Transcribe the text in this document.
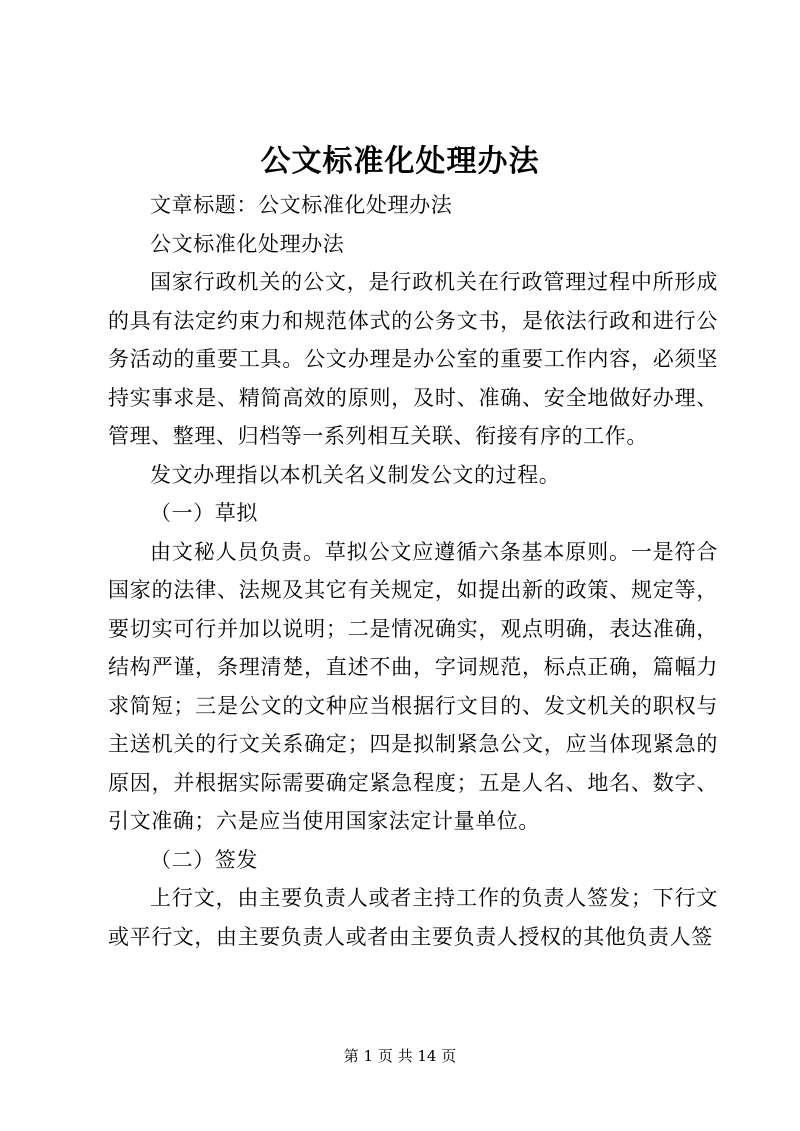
公文标准化处理办法

文章标题：公文标准化处理办法

公文标准化处理办法

国家行政机关的公文，是行政机关在行政管理过程中所形成的具有法定约束力和规范体式的公务文书，是依法行政和进行公务活动的重要工具。公文办理是办公室的重要工作内容，必须坚持实事求是、精简高效的原则，及时、准确、安全地做好办理、管理、整理、归档等一系列相互关联、衔接有序的工作。

发文办理指以本机关名义制发公文的过程。

（一）草拟

由文秘人员负责。草拟公文应遵循六条基本原则。一是符合国家的法律、法规及其它有关规定，如提出新的政策、规定等，要切实可行并加以说明；二是情况确实，观点明确，表达准确，结构严谨，条理清楚，直述不曲，字词规范，标点正确，篇幅力求简短；三是公文的文种应当根据行文目的、发文机关的职权与主送机关的行文关系确定；四是拟制紧急公文，应当体现紧急的原因，并根据实际需要确定紧急程度；五是人名、地名、数字、引文准确；六是应当使用国家法定计量单位。

（二）签发

上行文，由主要负责人或者主持工作的负责人签发；下行文或平行文，由主要负责人或者由主要负责人授权的其他负责人签

第 1 页 共 14 页
